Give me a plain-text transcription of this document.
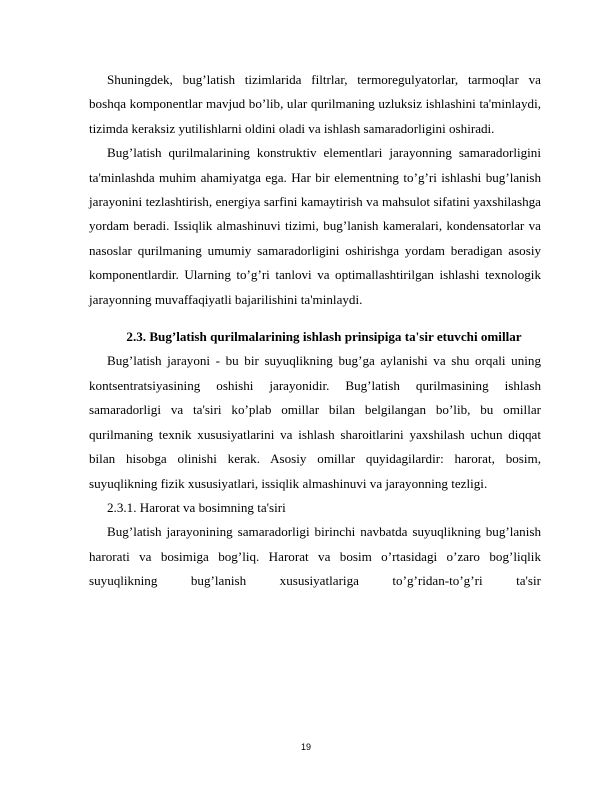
Shuningdek, bug’latish tizimlarida filtrlar, termoregulyatorlar, tarmoqlar va boshqa komponentlar mavjud bo’lib, ular qurilmaning uzluksiz ishlashini ta'minlaydi, tizimda keraksiz yutilishlarni oldini oladi va ishlash samaradorligini oshiradi.

Bug’latish qurilmalarining konstruktiv elementlari jarayonning samaradorligini ta'minlashda muhim ahamiyatga ega. Har bir elementning to’g’ri ishlashi bug’lanish jarayonini tezlashtirish, energiya sarfini kamaytirish va mahsulot sifatini yaxshilashga yordam beradi. Issiqlik almashinuvi tizimi, bug’lanish kameralari, kondensatorlar va nasoslar qurilmaning umumiy samaradorligini oshirishga yordam beradigan asosiy komponentlardir. Ularning to’g’ri tanlovi va optimallashtirilgan ishlashi texnologik jarayonning muvaffaqiyatli bajarilishini ta'minlaydi.

2.3. Bug’latish qurilmalarining ishlash prinsipiga ta'sir etuvchi omillar

Bug’latish jarayoni - bu bir suyuqlikning bug’ga aylanishi va shu orqali uning kontsentratsiyasining oshishi jarayonidir. Bug’latish qurilmasining ishlash samaradorligi va ta'siri ko’plab omillar bilan belgilangan bo’lib, bu omillar qurilmaning texnik xususiyatlarini va ishlash sharoitlarini yaxshilash uchun diqqat bilan hisobga olinishi kerak. Asosiy omillar quyidagilardir: harorat, bosim, suyuqlikning fizik xususiyatlari, issiqlik almashinuvi va jarayonning tezligi.

2.3.1. Harorat va bosimning ta'siri

Bug’latish jarayonining samaradorligi birinchi navbatda suyuqlikning bug’lanish harorati va bosimiga bog’liq. Harorat va bosim o’rtasidagi o’zaro bog’liqlik suyuqlikning bug’lanish xususiyatlariga to’g’ridan-to’g’ri ta'sir

19
